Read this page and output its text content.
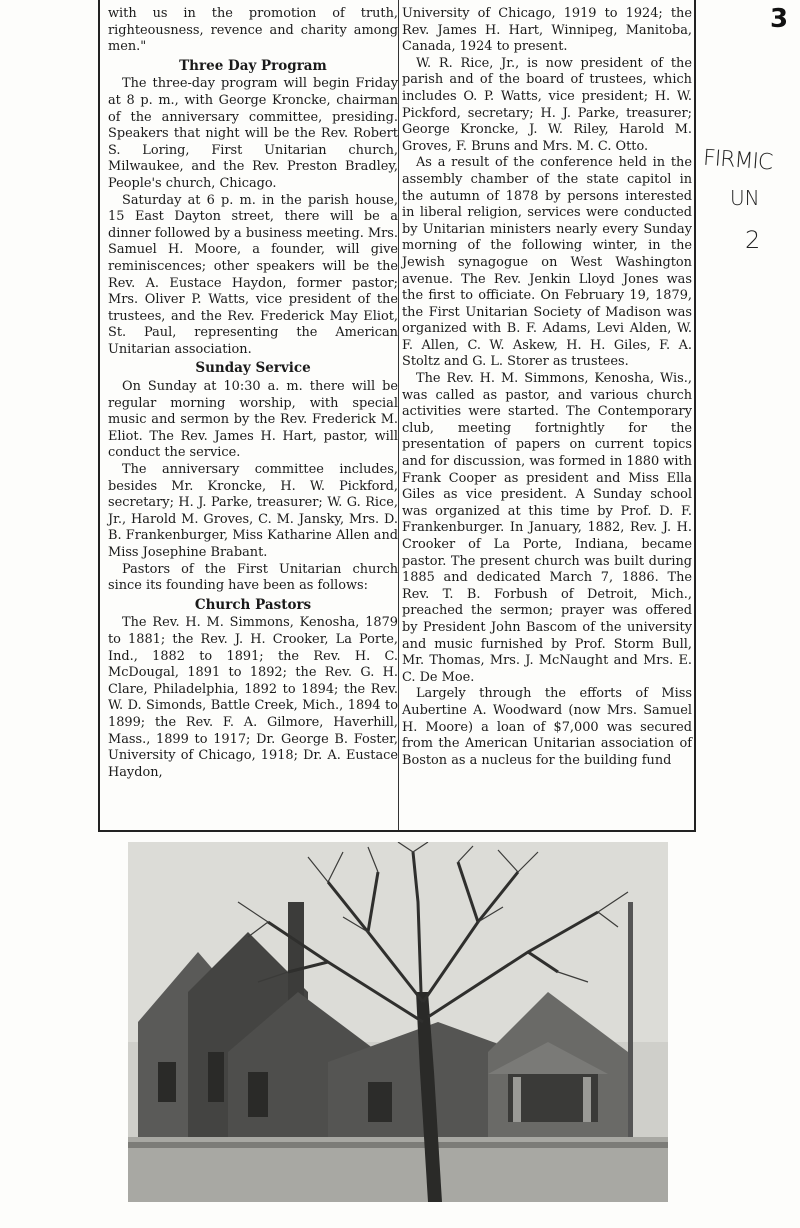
with us in the promotion of truth, righteousness, revence and charity among men."

Three Day Program

The three-day program will begin Friday at 8 p. m., with George Kroncke, chairman of the anniversary committee, presiding. Speakers that night will be the Rev. Robert S. Loring, First Unitarian church, Milwaukee, and the Rev. Preston Bradley, People's church, Chicago.

Saturday at 6 p. m. in the parish house, 15 East Dayton street, there will be a dinner followed by a business meeting. Mrs. Samuel H. Moore, a founder, will give reminiscences; other speakers will be the Rev. A. Eustace Haydon, former pastor; Mrs. Oliver P. Watts, vice president of the trustees, and the Rev. Frederick May Eliot, St. Paul, representing the American Unitarian association.

Sunday Service

On Sunday at 10:30 a. m. there will be regular morning worship, with special music and sermon by the Rev. Frederick M. Eliot. The Rev. James H. Hart, pastor, will conduct the service.

The anniversary committee includes, besides Mr. Kroncke, H. W. Pickford, secretary; H. J. Parke, treasurer; W. G. Rice, Jr., Harold M. Groves, C. M. Jansky, Mrs. D. B. Frankenburger, Miss Katharine Allen and Miss Josephine Brabant.

Pastors of the First Unitarian church since its founding have been as follows:

Church Pastors

The Rev. H. M. Simmons, Kenosha, 1879 to 1881; the Rev. J. H. Crooker, La Porte, Ind., 1882 to 1891; the Rev. H. C. McDougal, 1891 to 1892; the Rev. G. H. Clare, Philadelphia, 1892 to 1894; the Rev. W. D. Simonds, Battle Creek, Mich., 1894 to 1899; the Rev. F. A. Gilmore, Haverhill, Mass., 1899 to 1917; Dr. George B. Foster, University of Chicago, 1918; Dr. A. Eustace Haydon,

University of Chicago, 1919 to 1924; the Rev. James H. Hart, Winnipeg, Manitoba, Canada, 1924 to present.

W. R. Rice, Jr., is now president of the parish and of the board of trustees, which includes O. P. Watts, vice president; H. W. Pickford, secretary; H. J. Parke, treasurer; George Kroncke, J. W. Riley, Harold M. Groves, F. Bruns and Mrs. M. C. Otto.

As a result of the conference held in the assembly chamber of the state capitol in the autumn of 1878 by persons interested in liberal religion, services were conducted by Unitarian ministers nearly every Sunday morning of the following winter, in the Jewish synagogue on West Washington avenue. The Rev. Jenkin Lloyd Jones was the first to officiate. On February 19, 1879, the First Unitarian Society of Madison was organized with B. F. Adams, Levi Alden, W. F. Allen, C. W. Askew, H. H. Giles, F. A. Stoltz and G. L. Storer as trustees.

The Rev. H. M. Simmons, Kenosha, Wis., was called as pastor, and various church activities were started. The Contemporary club, meeting fortnightly for the presentation of papers on current topics and for discussion, was formed in 1880 with Frank Cooper as president and Miss Ella Giles as vice president. A Sunday school was organized at this time by Prof. D. F. Frankenburger. In January, 1882, Rev. J. H. Crooker of La Porte, Indiana, became pastor. The present church was built during 1885 and dedicated March 7, 1886. The Rev. T. B. Forbush of Detroit, Mich., preached the sermon; prayer was offered by President John Bascom of the university and music furnished by Prof. Storm Bull, Mr. Thomas, Mrs. J. McNaught and Mrs. E. C. De Moe.

Largely through the efforts of Miss Aubertine A. Woodward (now Mrs. Samuel H. Moore) a loan of $7,000 was secured from the American Unitarian association of Boston as a nucleus for the building fund

3
FIRMIC
UN
2
